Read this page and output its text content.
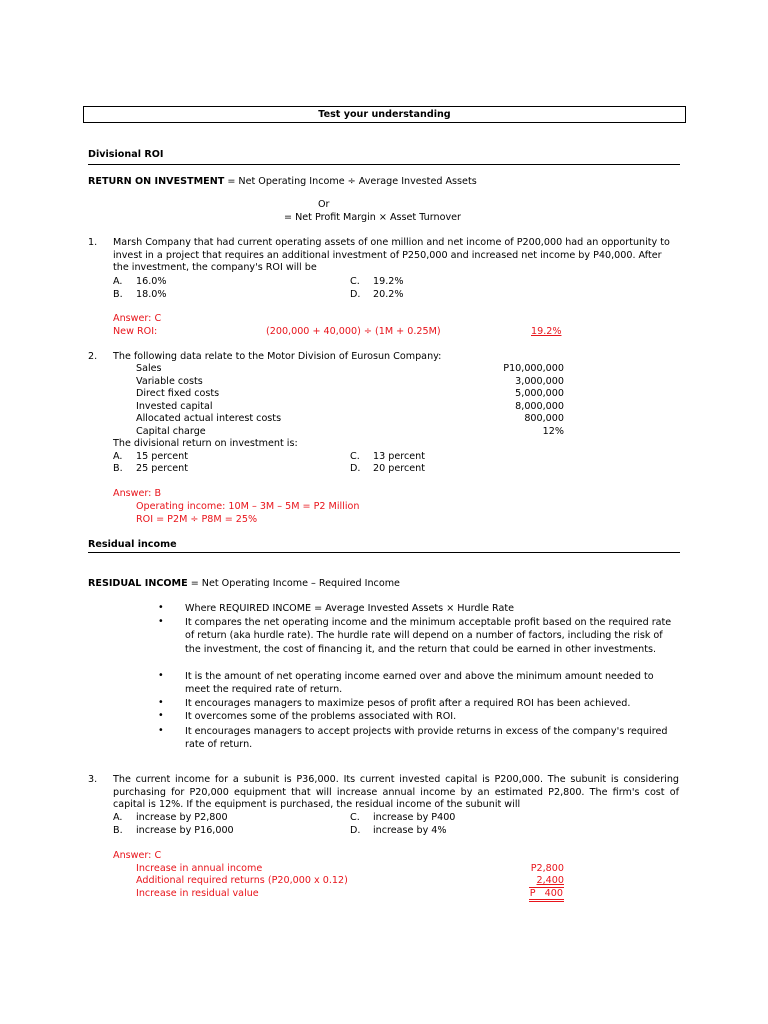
Test your understanding
Divisional ROI
RETURN ON INVESTMENT = Net Operating Income ÷ Average Invested Assets
Or
= Net Profit Margin × Asset Turnover
1. Marsh Company that had current operating assets of one million and net income of P200,000 had an opportunity to invest in a project that requires an additional investment of P250,000 and increased net income by P40,000. After the investment, the company's ROI will be
A. 16.0%	C. 19.2%
B. 18.0%	D. 20.2%
Answer: C
New ROI:	(200,000 + 40,000) ÷ (1M + 0.25M)	19.2%
2. The following data relate to the Motor Division of Eurosun Company:
Sales	P10,000,000
Variable costs	3,000,000
Direct fixed costs	5,000,000
Invested capital	8,000,000
Allocated actual interest costs	800,000
Capital charge	12%
The divisional return on investment is:
A. 15 percent	C. 13 percent
B. 25 percent	D. 20 percent
Answer: B
Operating income: 10M – 3M – 5M = P2 Million
ROI = P2M ÷ P8M = 25%
Residual income
RESIDUAL INCOME = Net Operating Income – Required Income
• Where REQUIRED INCOME = Average Invested Assets × Hurdle Rate
• It compares the net operating income and the minimum acceptable profit based on the required rate of return (aka hurdle rate). The hurdle rate will depend on a number of factors, including the risk of the investment, the cost of financing it, and the return that could be earned in other investments.
• It is the amount of net operating income earned over and above the minimum amount needed to meet the required rate of return.
• It encourages managers to maximize pesos of profit after a required ROI has been achieved.
• It overcomes some of the problems associated with ROI.
• It encourages managers to accept projects with provide returns in excess of the company's required rate of return.
3. The current income for a subunit is P36,000. Its current invested capital is P200,000. The subunit is considering purchasing for P20,000 equipment that will increase annual income by an estimated P2,800. The firm's cost of capital is 12%. If the equipment is purchased, the residual income of the subunit will
A. increase by P2,800	C. increase by P400
B. increase by P16,000	D. increase by 4%
Answer: C
Increase in annual income	P2,800
Additional required returns (P20,000 x 0.12)	2,400
Increase in residual value	P   400
